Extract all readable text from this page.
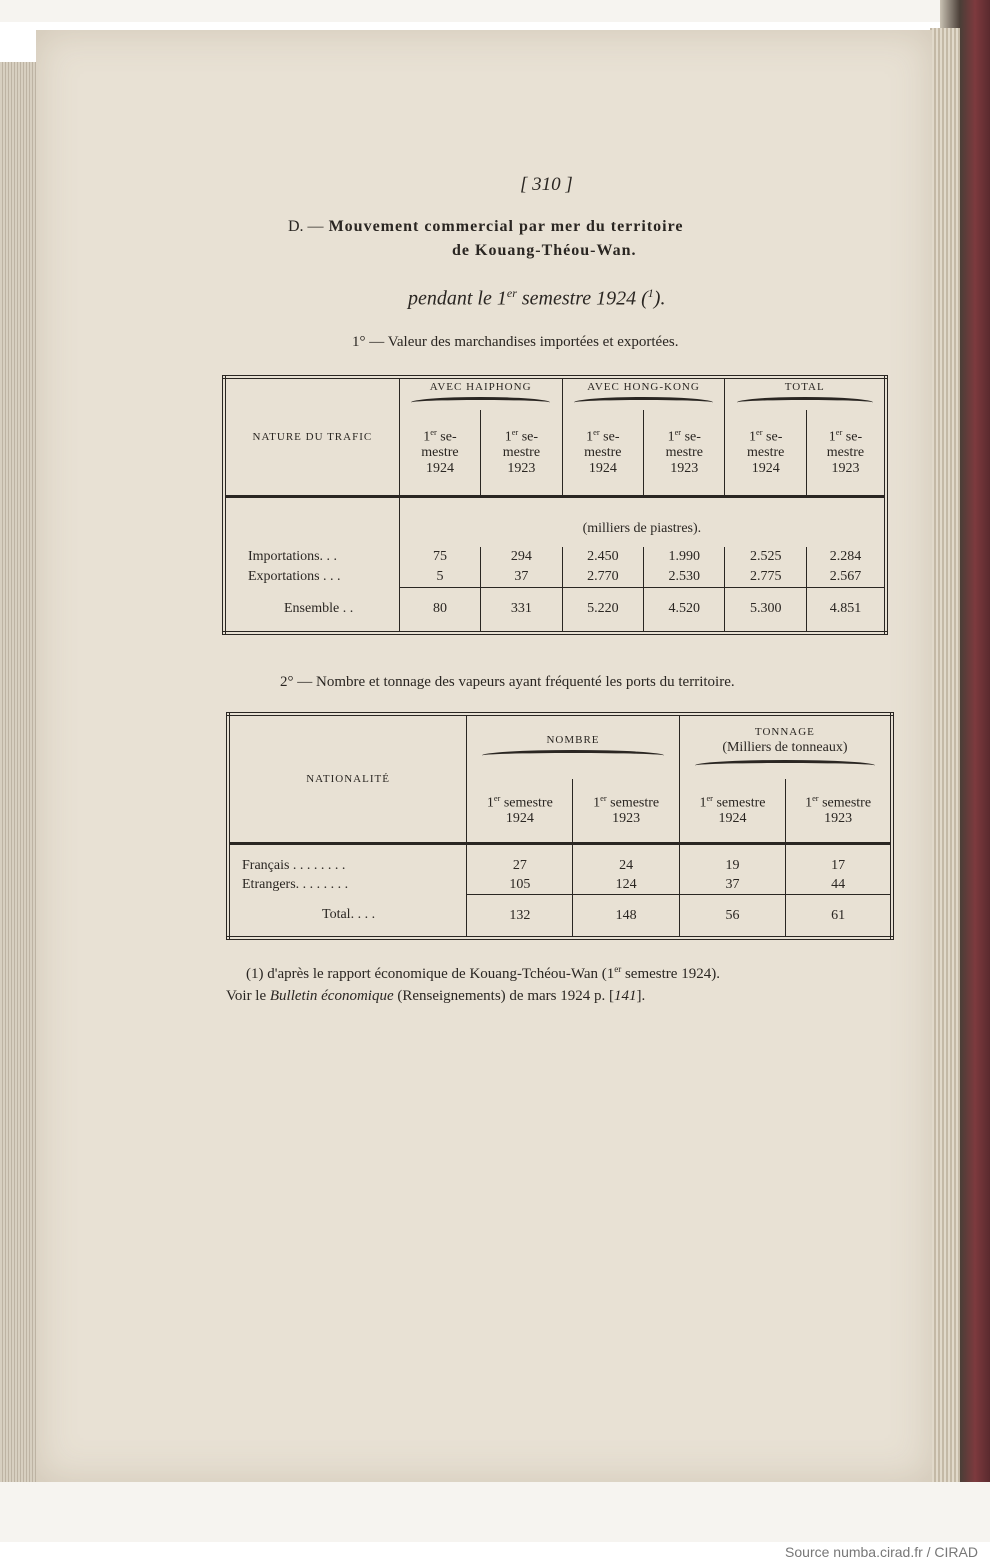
[ 310 ]
D. — Mouvement commercial par mer du territoire
de Kouang-Théou-Wan.
pendant le 1er semestre 1924 ($^1$).
1° — Valeur des marchandises importées et exportées.
NATURE DU TRAFIC	AVEC HAIPHONG		AVEC HONG-KONG		TOTAL	

	1er se-
mestre
1924	1er se-
mestre
1923	1er se-
mestre
1924	1er se-
mestre
1923	1er se-
mestre
1924	1er se-
mestre
1923
	(milliers de piastres).					
Importations. . .	75	294	2.450	1.990	2.525	2.284
Exportations . . .	5	37	2.770	2.530	2.775	2.567
Ensemble . .	80	331	5.220	4.520	5.300	4.851
2° — Nombre et tonnage des vapeurs ayant fréquenté les ports du territoire.
NATIONALITÉ	NOMBRE		TONNAGE
(Milliers de tonneaux)	

	1er semestre
1924	1er semestre
1923	1er semestre
1924	1er semestre
1923
Français . . . . . . . .	27	24	19	17
Etrangers. . . . . . . .	105	124	37	44
Total. . . .	132	148	56	61
(1) d'après le rapport économique de Kouang-Tchéou-Wan (1er semestre 1924).
Voir le Bulletin économique (Renseignements) de mars 1924 p. [141].
Source numba.cirad.fr / CIRAD
